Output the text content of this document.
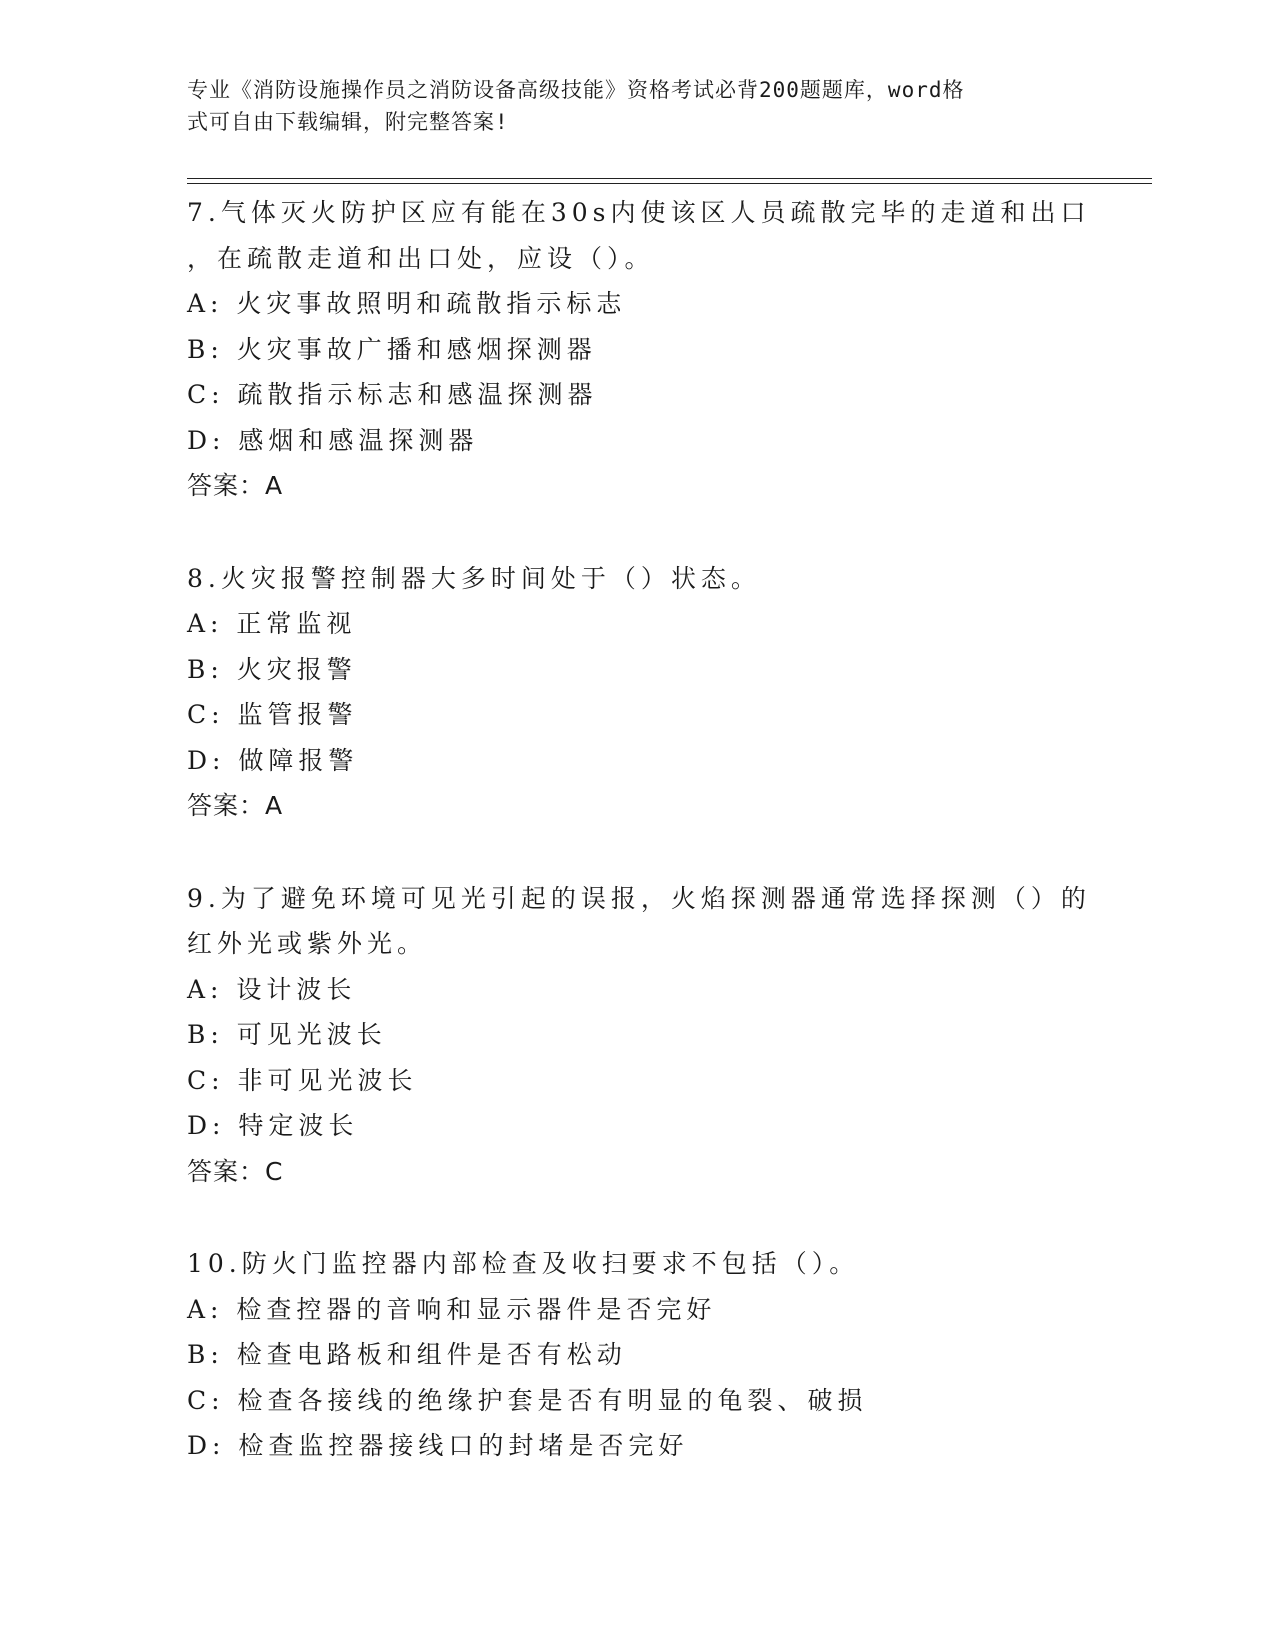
专业《消防设施操作员之消防设备高级技能》资格考试必背200题题库，word格
式可自由下载编辑，附完整答案!
7.气体灭火防护区应有能在30s内使该区人员疏散完毕的走道和出口
，在疏散走道和出口处，应设（）。
A: 火灾事故照明和疏散指示标志
B: 火灾事故广播和感烟探测器
C: 疏散指示标志和感温探测器
D: 感烟和感温探测器
答案：A
8.火灾报警控制器大多时间处于（）状态。
A: 正常监视
B: 火灾报警
C: 监管报警
D: 做障报警
答案：A
9.为了避免环境可见光引起的误报，火焰探测器通常选择探测（）的
红外光或紫外光。
A: 设计波长
B: 可见光波长
C: 非可见光波长
D: 特定波长
答案：C
10.防火门监控器内部检查及收扫要求不包括（）。
A: 检查控器的音响和显示器件是否完好
B: 检查电路板和组件是否有松动
C: 检查各接线的绝缘护套是否有明显的龟裂、破损
D: 检查监控器接线口的封堵是否完好
